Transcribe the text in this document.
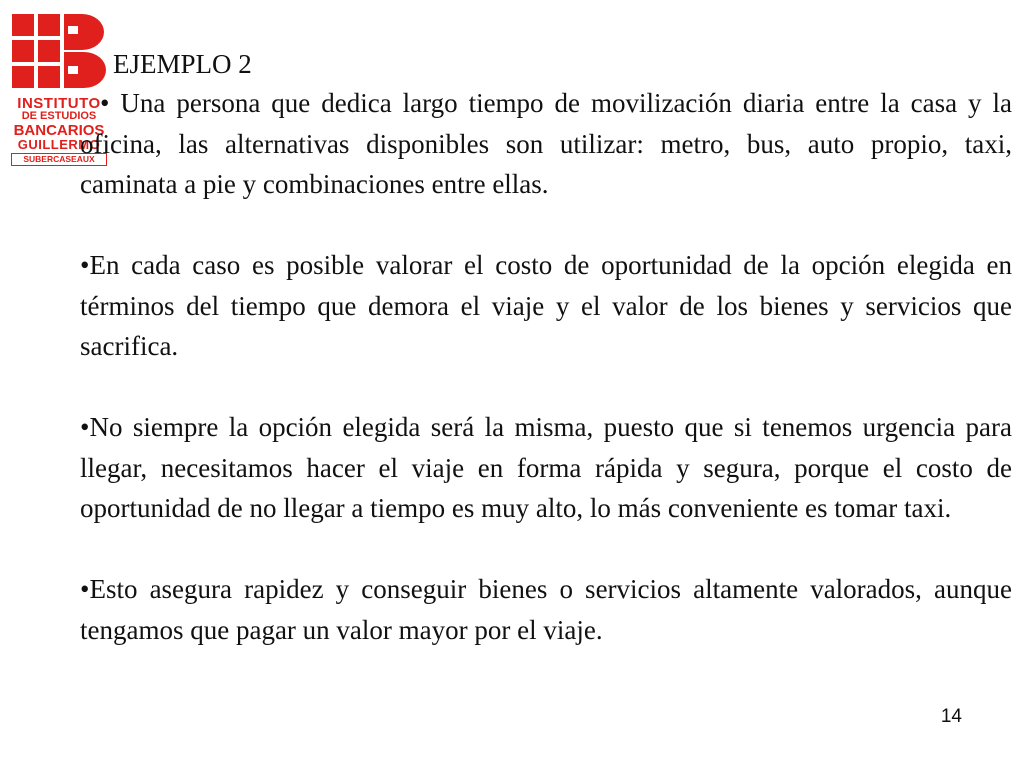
INSTITUTO
DE ESTUDIOS
BANCARIOS
GUILLERMO
SUBERCASEAUX
EJEMPLO 2

• Una persona que dedica largo tiempo de movilización diaria entre la casa y la oficina, las alternativas disponibles son utilizar: metro, bus, auto propio, taxi, caminata a pie y combinaciones entre ellas.

•En cada caso es posible valorar el costo de oportunidad de la opción elegida en términos del tiempo que demora el viaje y el valor de los bienes y servicios que sacrifica.

•No siempre la opción elegida será la misma, puesto que si tenemos urgencia para llegar, necesitamos hacer el viaje en forma rápida y segura, porque el costo de oportunidad de no llegar a tiempo es muy alto, lo más conveniente es tomar taxi.

•Esto asegura rapidez y conseguir bienes o servicios altamente valorados, aunque tengamos que pagar un valor mayor por el viaje.

14
